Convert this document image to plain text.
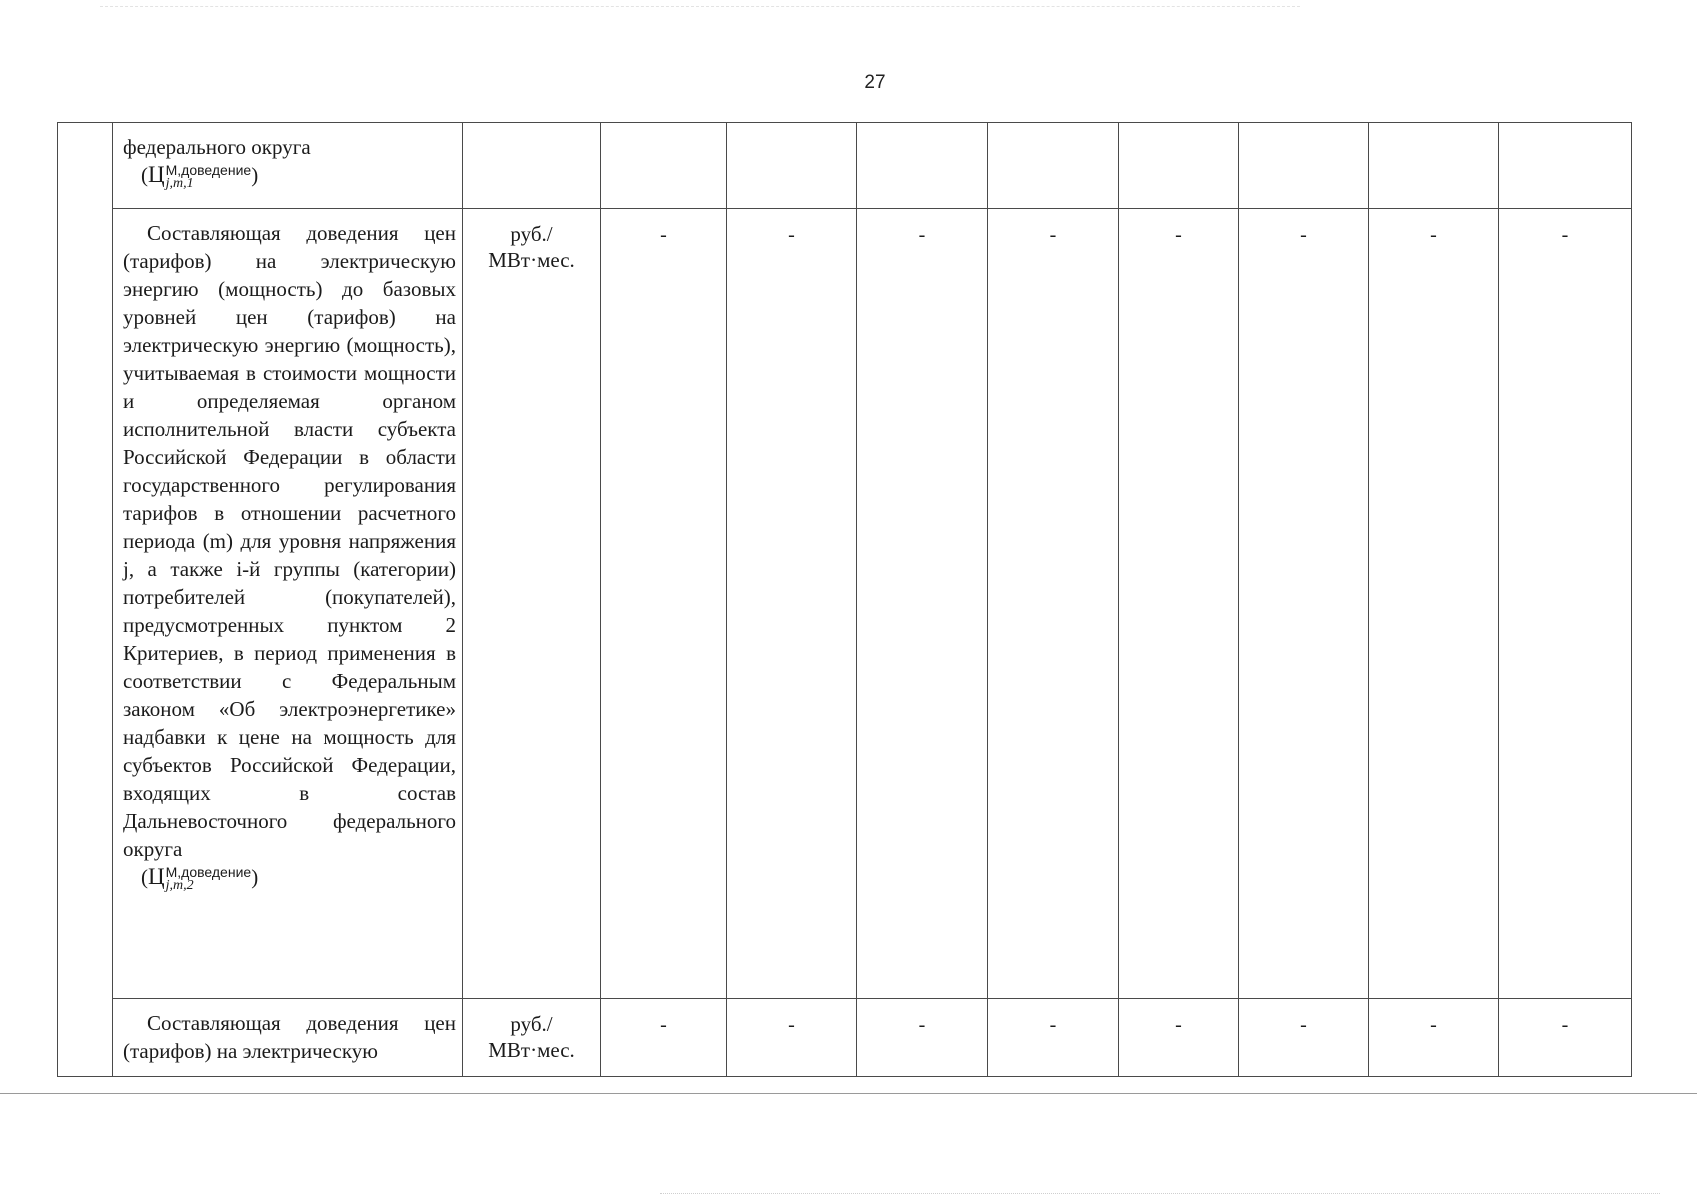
27

	федерального округа
(Ц М,доведение
j,m,1 )									

	Составляющая доведения цен (тарифов) на электрическую энергию (мощность) до базовых уровней цен (тарифов) на электрическую энергию (мощность), учитываемая в стоимости мощности и определяемая органом исполнительной власти субъекта Российской Федерации в области государственного регулирования тарифов в отношении расчетного периода (m) для уровня напряжения j, а также i-й группы (категории) потребителей (покупателей), предусмотренных пунктом 2 Критериев, в период применения в соответствии с Федеральным законом «Об электроэнергетике» надбавки к цене на мощность для субъектов Российской Федерации, входящих в состав Дальневосточного федерального округа
(Ц М,доведение
j,m,2 )	руб./
МВт·мес.	-	-	-	-	-	-	-	-

	Составляющая доведения цен (тарифов) на электрическую	руб./
МВт·мес.	-	-	-	-	-	-	-	-
